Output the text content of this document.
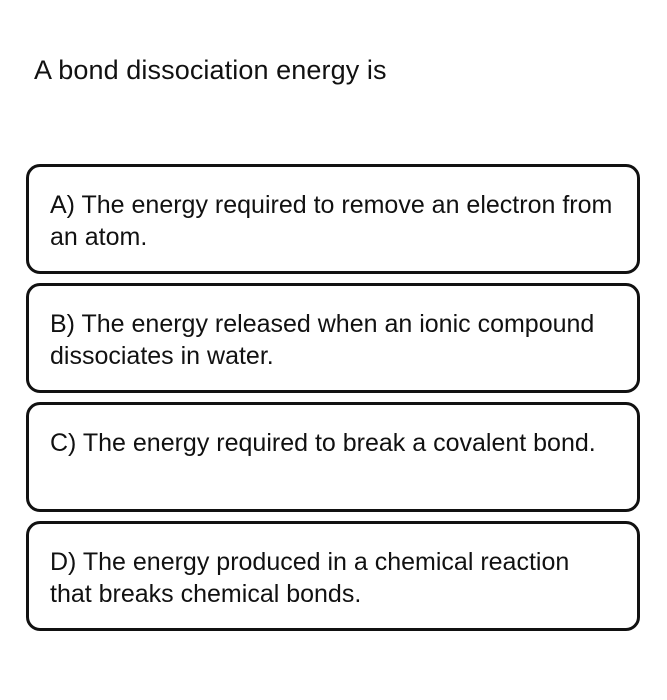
A bond dissociation energy is
A) The energy required to remove an electron from an atom.
B) The energy released when an ionic compound dissociates in water.
C) The energy required to break a covalent bond.
D) The energy produced in a chemical reaction that breaks chemical bonds.
